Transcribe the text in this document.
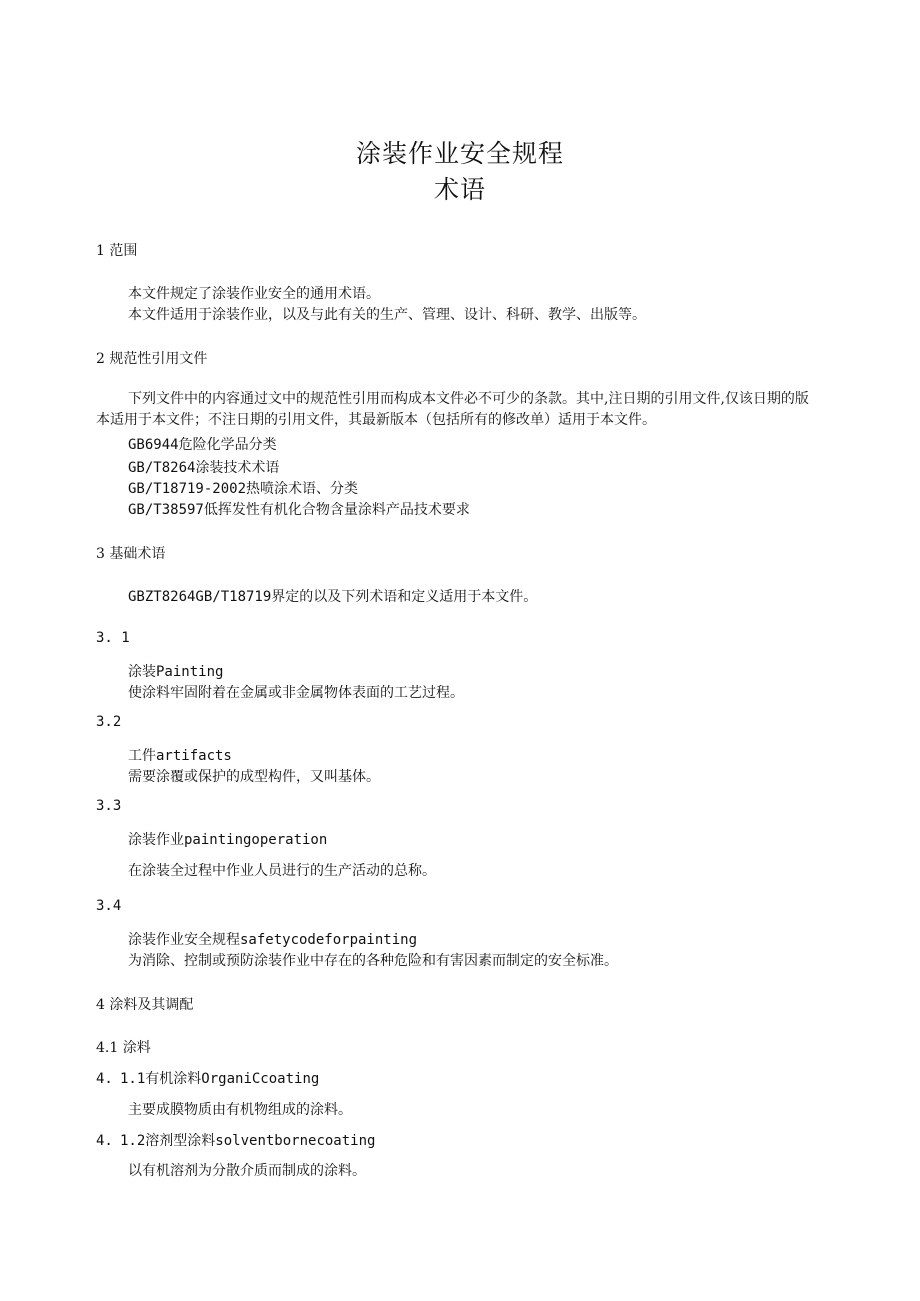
涂装作业安全规程
术语
1 范围
本文件规定了涂装作业安全的通用术语。
本文件适用于涂装作业，以及与此有关的生产、管理、设计、科研、教学、出版等。
2 规范性引用文件
下列文件中的内容通过文中的规范性引用而构成本文件必不可少的条款。其中,注日期的引用文件,仅该日期的版本适用于本文件；不注日期的引用文件，其最新版本（包括所有的修改单）适用于本文件。
GB6944危险化学品分类
GB/T8264涂装技术术语
GB/T18719-2002热喷涂术语、分类
GB/T38597低挥发性有机化合物含量涂料产品技术要求
3 基础术语
GBZT8264GB/T18719界定的以及下列术语和定义适用于本文件。
3. 1
涂装Painting
使涂料牢固附着在金属或非金属物体表面的工艺过程。
3.2
工件artifacts
需要涂覆或保护的成型构件，又叫基体。
3.3
涂装作业paintingoperation
在涂装全过程中作业人员进行的生产活动的总称。
3.4
涂装作业安全规程safetycodeforpainting
为消除、控制或预防涂装作业中存在的各种危险和有害因素而制定的安全标准。
4 涂料及其调配
4.1 涂料
4. 1.1有机涂料OrganiCcoating
主要成膜物质由有机物组成的涂料。
4. 1.2溶剂型涂料solventbornecoating
以有机溶剂为分散介质而制成的涂料。
